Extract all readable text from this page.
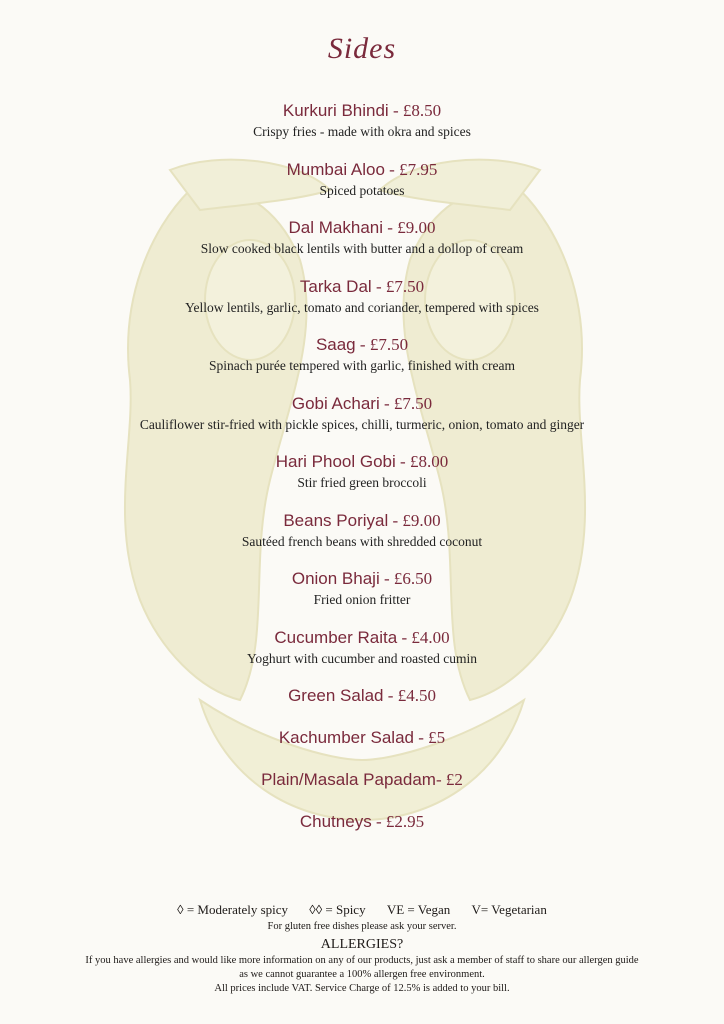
Sides
Kurkuri Bhindi - £8.50
Crispy fries - made with okra and spices
Mumbai Aloo - £7.95
Spiced potatoes
Dal Makhani - £9.00
Slow cooked black lentils with butter and a dollop of cream
Tarka Dal - £7.50
Yellow lentils, garlic, tomato and coriander, tempered with spices
Saag - £7.50
Spinach purée tempered with garlic, finished with cream
Gobi Achari - £7.50
Cauliflower stir-fried with pickle spices, chilli, turmeric, onion, tomato and ginger
Hari Phool Gobi - £8.00
Stir fried green broccoli
Beans Poriyal - £9.00
Sautéed french beans with shredded coconut
Onion Bhaji - £6.50
Fried onion fritter
Cucumber Raita - £4.00
Yoghurt with cucumber and roasted cumin
Green Salad - £4.50
Kachumber Salad - £5
Plain/Masala Papadam- £2
Chutneys - £2.95
◊ = Moderately spicy ◊◊ = Spicy VE = Vegan V= Vegetarian
For gluten free dishes please ask your server.
ALLERGIES?
If you have allergies and would like more information on any of our products, just ask a member of staff to share our allergen guide
as we cannot guarantee a 100% allergen free environment.
All prices include VAT. Service Charge of 12.5% is added to your bill.
